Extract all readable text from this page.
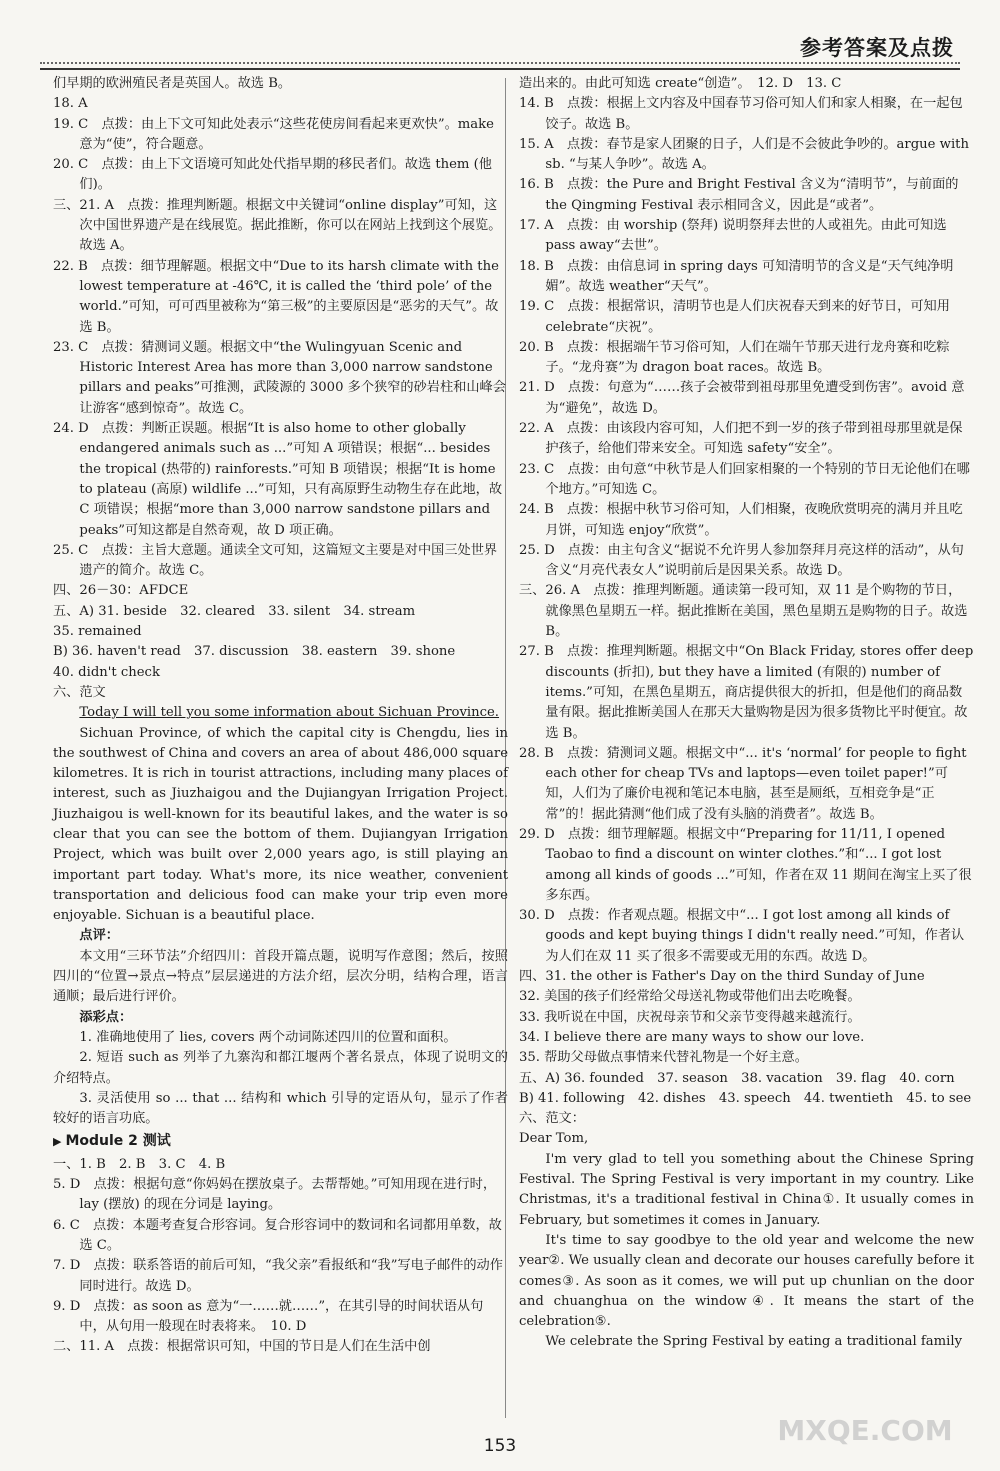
参考答案及点拨

们早期的欧洲殖民者是英国人。故选 B。

18. A

19. C　点拨：由上下文可知此处表示“这些花使房间看起来更欢快”。make 意为“使”，符合题意。

20. C　点拨：由上下文语境可知此处代指早期的移民者们。故选 them (他们)。

三、21. A　点拨：推理判断题。根据文中关键词“online display”可知，这次中国世界遗产是在线展览。据此推断，你可以在网站上找到这个展览。故选 A。

22. B　点拨：细节理解题。根据文中“Due to its harsh climate with the lowest temperature at -46℃, it is called the ‘third pole’ of the world.”可知，可可西里被称为“第三极”的主要原因是“恶劣的天气”。故选 B。

23. C　点拨：猜测词义题。根据文中“the Wulingyuan Scenic and Historic Interest Area has more than 3,000 narrow sandstone pillars and peaks”可推测，武陵源的 3000 多个狭窄的砂岩柱和山峰会让游客“感到惊奇”。故选 C。

24. D　点拨：判断正误题。根据“It is also home to other globally endangered animals such as ...”可知 A 项错误；根据“... besides the tropical (热带的) rainforests.”可知 B 项错误；根据“It is home to plateau (高原) wildlife ...”可知，只有高原野生动物生存在此地，故 C 项错误；根据“more than 3,000 narrow sandstone pillars and peaks”可知这都是自然奇观，故 D 项正确。

25. C　点拨：主旨大意题。通读全文可知，这篇短文主要是对中国三处世界遗产的简介。故选 C。

四、26－30：AFDCE

五、A) 31. beside　32. cleared　33. silent　34. stream

35. remained

B) 36. haven't read　37. discussion　38. eastern　39. shone

40. didn't check

六、范文

Today I will tell you some information about Sichuan Province.

Sichuan Province, of which the capital city is Chengdu, lies in the southwest of China and covers an area of about 486,000 square kilometres. It is rich in tourist attractions, including many places of interest, such as Jiuzhaigou and the Dujiangyan Irrigation Project. Jiuzhaigou is well-known for its beautiful lakes, and the water is so clear that you can see the bottom of them. Dujiangyan Irrigation Project, which was built over 2,000 years ago, is still playing an important part today. What's more, its nice weather, convenient transportation and delicious food can make your trip even more enjoyable. Sichuan is a beautiful place.

点评：

本文用“三环节法”介绍四川：首段开篇点题，说明写作意图；然后，按照四川的“位置→景点→特点”层层递进的方法介绍，层次分明，结构合理，语言通顺；最后进行评价。

添彩点：

1. 准确地使用了 lies, covers 两个动词陈述四川的位置和面积。

2. 短语 such as 列举了九寨沟和都江堰两个著名景点，体现了说明文的介绍特点。

3. 灵活使用 so ... that ... 结构和 which 引导的定语从句，显示了作者较好的语言功底。

▶ Module 2 测试

一、1. B　2. B　3. C　4. B

5. D　点拨：根据句意“你妈妈在摆放桌子。去帮帮她。”可知用现在进行时，lay (摆放) 的现在分词是 laying。

6. C　点拨：本题考查复合形容词。复合形容词中的数词和名词都用单数，故选 C。

7. D　点拨：联系答语的前后可知，“我父亲”看报纸和“我”写电子邮件的动作同时进行。故选 D。

9. D　点拨：as soon as 意为“一……就……”，在其引导的时间状语从句中，从句用一般现在时表将来。　10. D

二、11. A　点拨：根据常识可知，中国的节日是人们在生活中创

造出来的。由此可知选 create“创造”。　12. D　13. C

14. B　点拨：根据上文内容及中国春节习俗可知人们和家人相聚，在一起包饺子。故选 B。

15. A　点拨：春节是家人团聚的日子，人们是不会彼此争吵的。argue with sb. “与某人争吵”。故选 A。

16. B　点拨：the Pure and Bright Festival 含义为“清明节”，与前面的 the Qingming Festival 表示相同含义，因此是“或者”。

17. A　点拨：由 worship (祭拜) 说明祭拜去世的人或祖先。由此可知选 pass away“去世”。

18. B　点拨：由信息词 in spring days 可知清明节的含义是“天气纯净明媚”。故选 weather“天气”。

19. C　点拨：根据常识，清明节也是人们庆祝春天到来的好节日，可知用 celebrate“庆祝”。

20. B　点拨：根据端午节习俗可知，人们在端午节那天进行龙舟赛和吃粽子。“龙舟赛”为 dragon boat races。故选 B。

21. D　点拨：句意为“……孩子会被带到祖母那里免遭受到伤害”。avoid 意为“避免”，故选 D。

22. A　点拨：由该段内容可知，人们把不到一岁的孩子带到祖母那里就是保护孩子，给他们带来安全。可知选 safety“安全”。

23. C　点拨：由句意“中秋节是人们回家相聚的一个特别的节日无论他们在哪个地方。”可知选 C。

24. B　点拨：根据中秋节习俗可知，人们相聚，夜晚欣赏明亮的满月并且吃月饼，可知选 enjoy“欣赏”。

25. D　点拨：由主句含义“据说不允许男人参加祭拜月亮这样的活动”，从句含义“月亮代表女人”说明前后是因果关系。故选 D。

三、26. A　点拨：推理判断题。通读第一段可知，双 11 是个购物的节日，就像黑色星期五一样。据此推断在美国，黑色星期五是购物的日子。故选 B。

27. B　点拨：推理判断题。根据文中“On Black Friday, stores offer deep discounts (折扣), but they have a limited (有限的) number of items.”可知，在黑色星期五，商店提供很大的折扣，但是他们的商品数量有限。据此推断美国人在那天大量购物是因为很多货物比平时便宜。故选 B。

28. B　点拨：猜测词义题。根据文中“... it's ‘normal’ for people to fight each other for cheap TVs and laptops—even toilet paper!”可知，人们为了廉价电视和笔记本电脑，甚至是厕纸，互相竞争是“正常”的！据此猜测“他们成了没有头脑的消费者”。故选 B。

29. D　点拨：细节理解题。根据文中“Preparing for 11/11, I opened Taobao to find a discount on winter clothes.”和“... I got lost among all kinds of goods ...”可知，作者在双 11 期间在淘宝上买了很多东西。

30. D　点拨：作者观点题。根据文中“... I got lost among all kinds of goods and kept buying things I didn't really need.”可知，作者认为人们在双 11 买了很多不需要或无用的东西。故选 D。

四、31. the other is Father's Day on the third Sunday of June

32. 美国的孩子们经常给父母送礼物或带他们出去吃晚餐。

33. 我听说在中国，庆祝母亲节和父亲节变得越来越流行。

34. I believe there are many ways to show our love.

35. 帮助父母做点事情来代替礼物是一个好主意。

五、A) 36. founded　37. season　38. vacation　39. flag　40. corn

B) 41. following　42. dishes　43. speech　44. twentieth　45. to see

六、范文：

Dear Tom,

I'm very glad to tell you something about the Chinese Spring Festival. The Spring Festival is very important in my country. Like Christmas, it's a traditional festival in China①. It usually comes in February, but sometimes it comes in January.

It's time to say goodbye to the old year and welcome the new year②. We usually clean and decorate our houses carefully before it comes③. As soon as it comes, we will put up chunlian on the door and chuanghua on the window④. It means the start of the celebration⑤.

We celebrate the Spring Festival by eating a traditional family

153	MXQE.COM
